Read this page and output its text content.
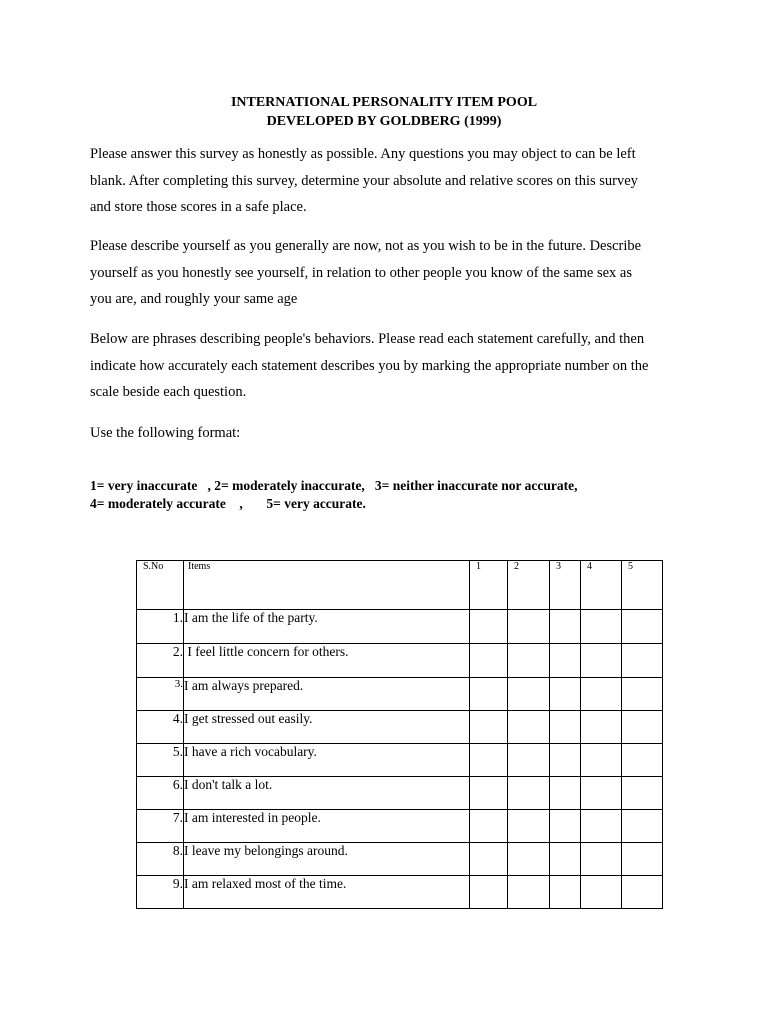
INTERNATIONAL PERSONALITY ITEM POOL
DEVELOPED BY GOLDBERG (1999)
Please answer this survey as honestly as possible. Any questions you may object to can be left
blank. After completing this survey, determine your absolute and relative scores on this survey
and store those scores in a safe place.
Please describe yourself as you generally are now, not as you wish to be in the future. Describe
yourself as you honestly see yourself, in relation to other people you know of the same sex as
you are, and roughly your same age
Below are phrases describing people's behaviors. Please read each statement carefully, and then
indicate how accurately each statement describes you by marking the appropriate number on the
scale beside each question.
Use the following format:
1= very inaccurate   , 2= moderately inaccurate,   3= neither inaccurate nor accurate,
4= moderately accurate    ,       5= very accurate.
S.No	Items	1	2	3	4	5
1.	I am the life of the party.					
2.	I feel little concern for others.					
3.	I am always prepared.					
4.	I get stressed out easily.					
5.	I have a rich vocabulary.					
6.	I don't talk a lot.					
7.	I am interested in people.					
8.	I leave my belongings around.					
9.	I am relaxed most of the time.					
